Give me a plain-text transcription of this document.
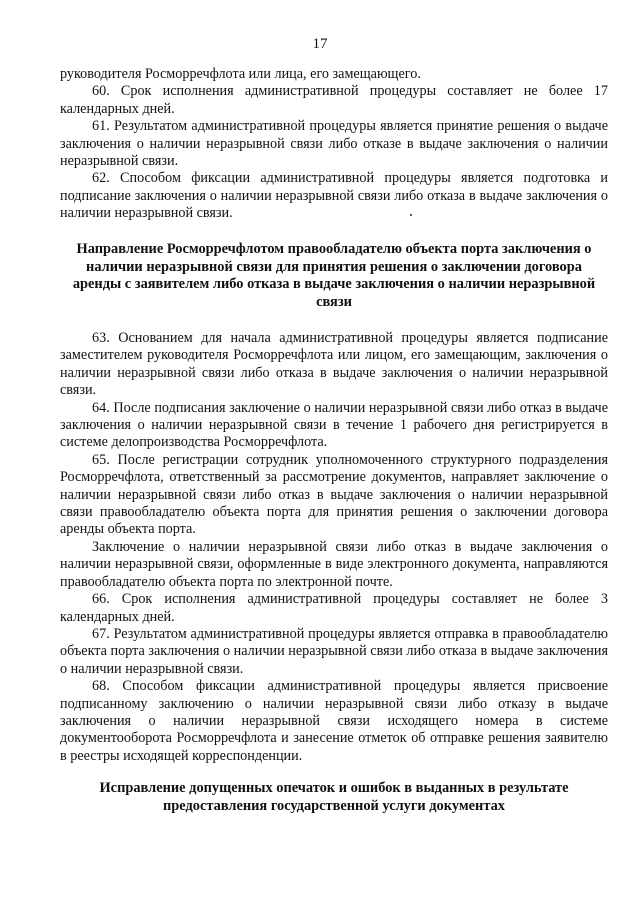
17

руководителя Росморречфлота или лица, его замещающего.

60. Срок исполнения административной процедуры составляет не более 17 календарных дней.

61. Результатом административной процедуры является принятие решения о выдаче заключения о наличии неразрывной связи либо отказе в выдаче заключения о наличии неразрывной связи.

62. Способом фиксации административной процедуры является подготовка и подписание заключения о наличии неразрывной связи либо отказа в выдаче заключения о наличии неразрывной связи.

Направление Росморречфлотом правообладателю объекта порта заключения о наличии неразрывной связи для принятия решения о заключении договора аренды с заявителем либо отказа в выдаче заключения о наличии неразрывной связи

63. Основанием для начала административной процедуры является подписание заместителем руководителя Росморречфлота или лицом, его замещающим, заключения о наличии неразрывной связи либо отказа в выдаче заключения о наличии неразрывной связи.

64. После подписания заключение о наличии неразрывной связи либо отказ в выдаче заключения о наличии неразрывной связи в течение 1 рабочего дня регистрируется в системе делопроизводства Росморречфлота.

65. После регистрации сотрудник уполномоченного структурного подразделения Росморречфлота, ответственный за рассмотрение документов, направляет заключение о наличии неразрывной связи либо отказ в выдаче заключения о наличии неразрывной связи правообладателю объекта порта для принятия решения о заключении договора аренды объекта порта.

Заключение о наличии неразрывной связи либо отказ в выдаче заключения о наличии неразрывной связи, оформленные в виде электронного документа, направляются правообладателю объекта порта по электронной почте.

66. Срок исполнения административной процедуры составляет не более 3 календарных дней.

67. Результатом административной процедуры является отправка в правообладателю объекта порта заключения о наличии неразрывной связи либо отказа в выдаче заключения о наличии неразрывной связи.

68. Способом фиксации административной процедуры является присвоение подписанному заключению о наличии неразрывной связи либо отказу в выдаче заключения о наличии неразрывной связи исходящего номера в системе документооборота Росморречфлота и занесение отметок об отправке решения заявителю в реестры исходящей корреспонденции.

Исправление допущенных опечаток и ошибок в выданных в результате предоставления государственной услуги документах
